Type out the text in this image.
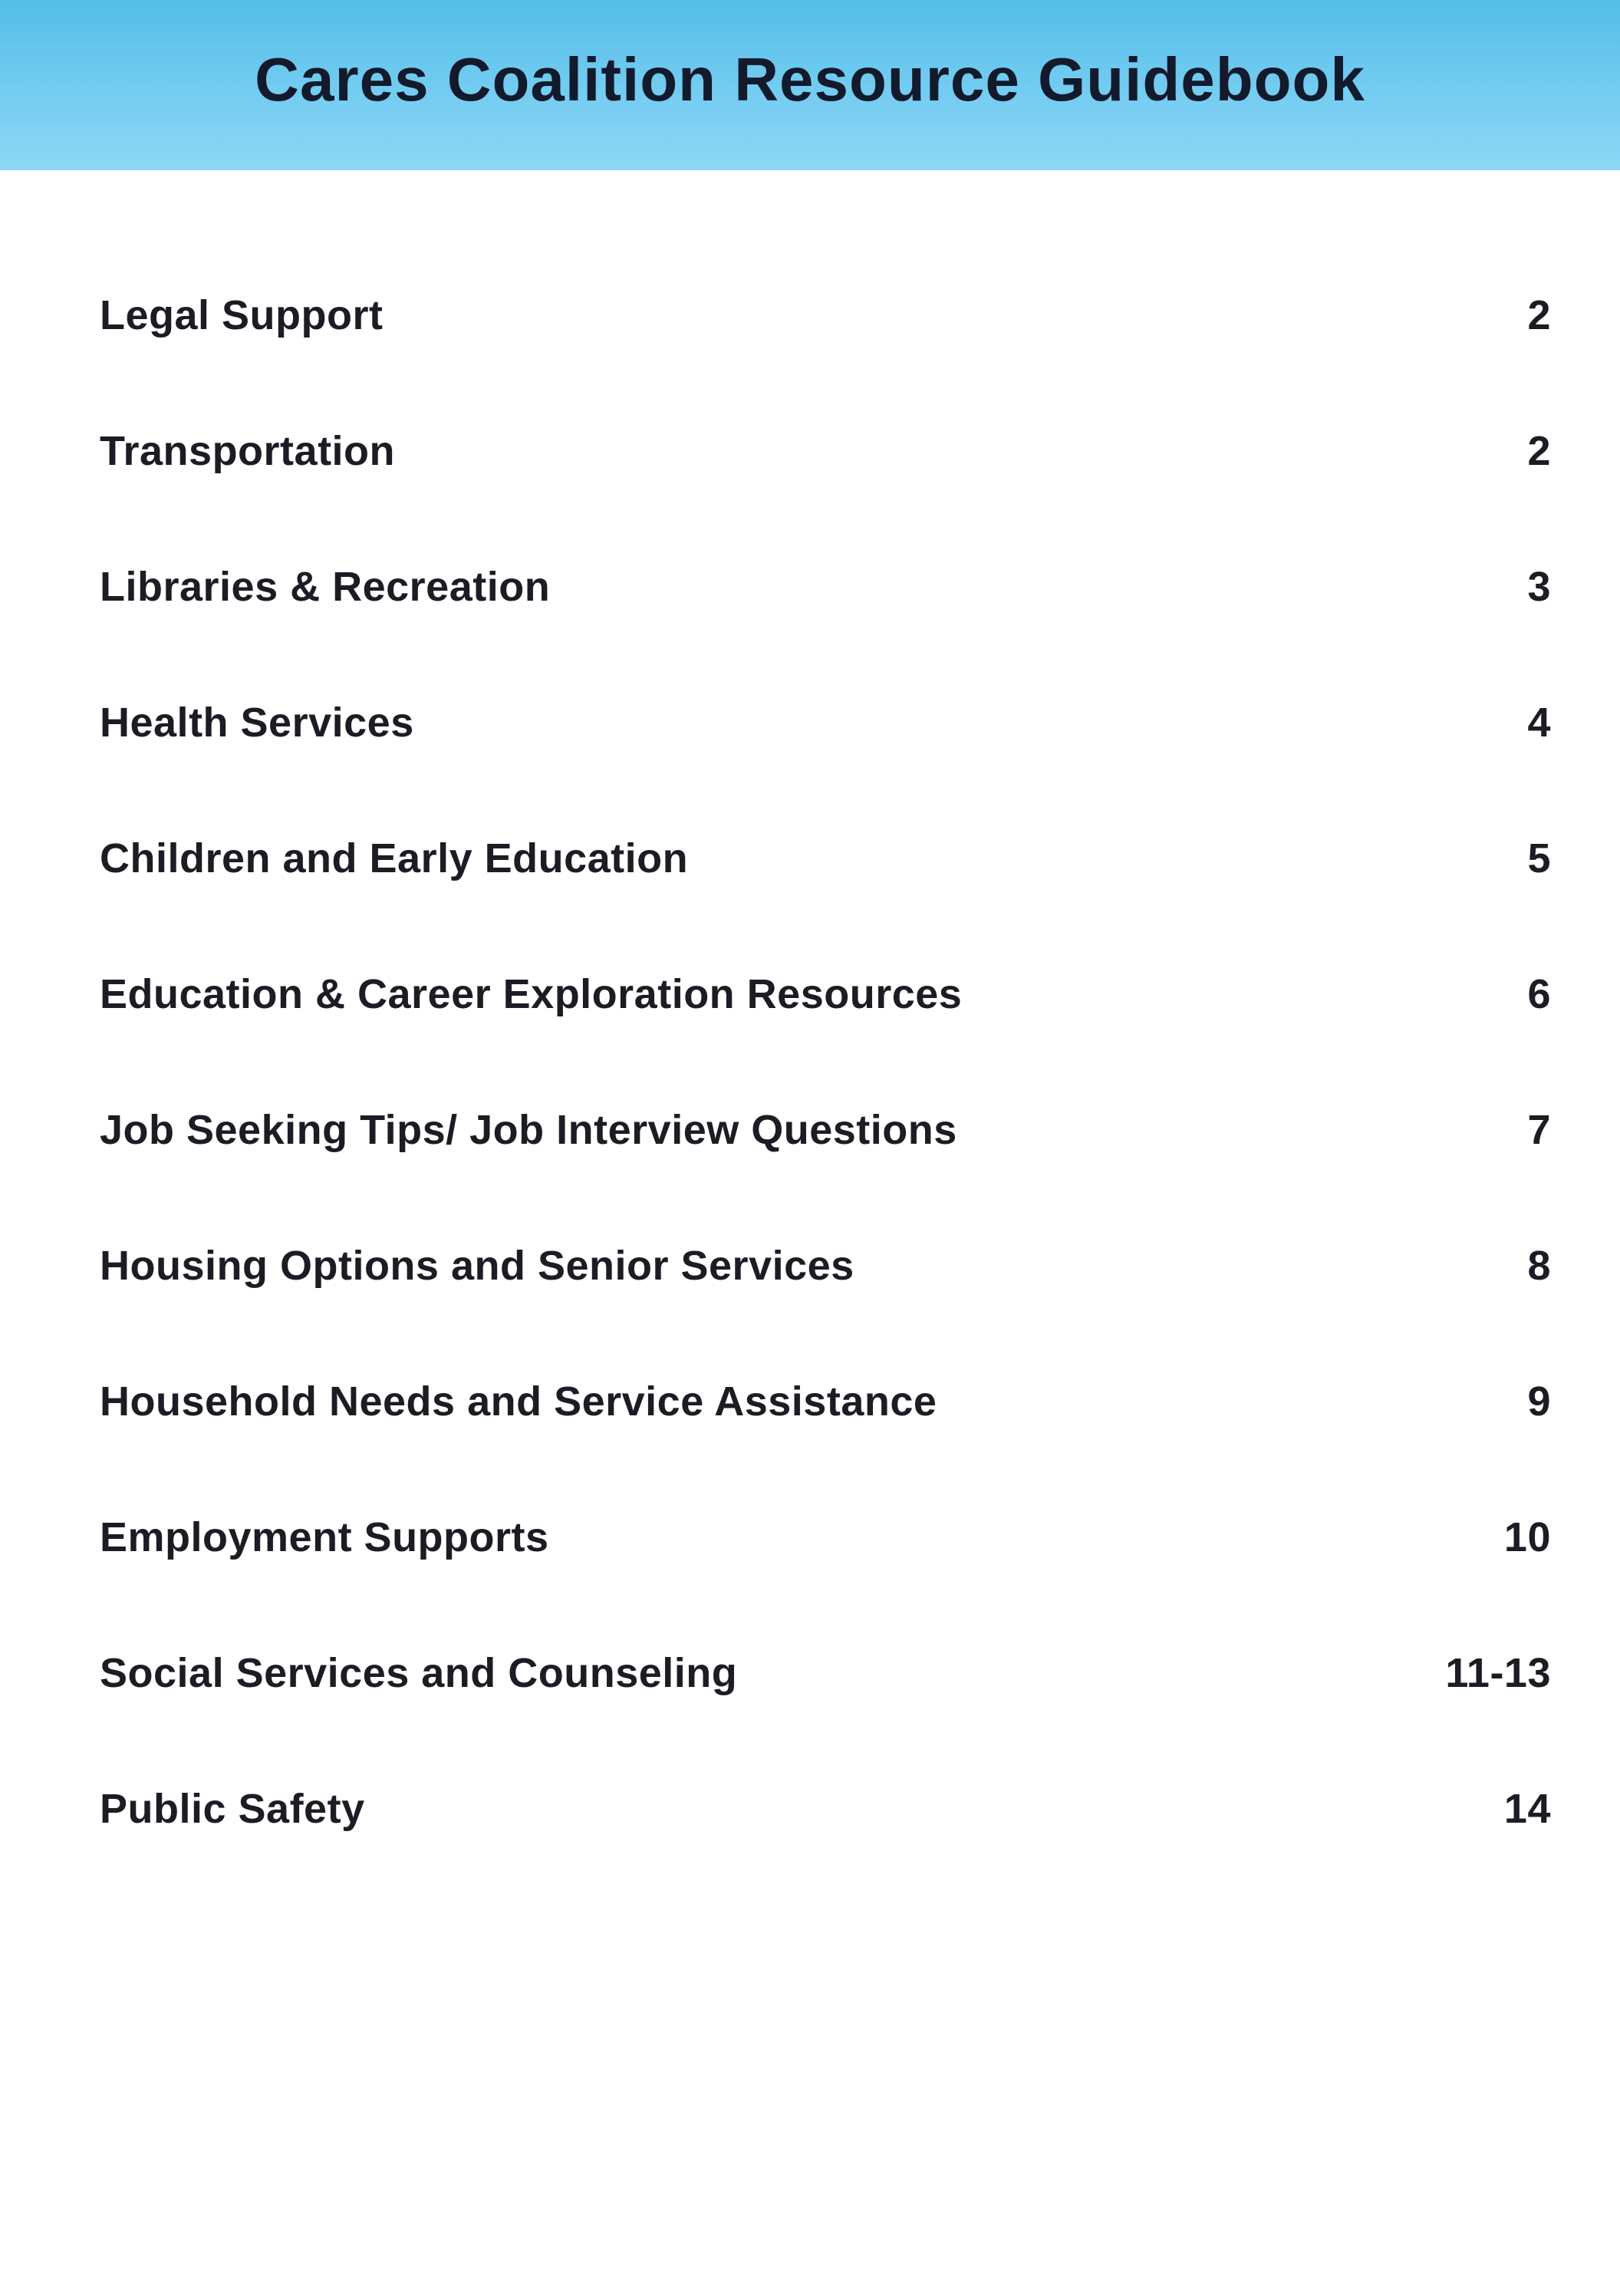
Cares Coalition Resource Guidebook
Legal Support	2
Transportation	2
Libraries & Recreation	3
Health Services	4
Children and Early Education	5
Education & Career Exploration Resources	6
Job Seeking Tips/ Job Interview Questions	7
Housing Options and Senior Services	8
Household Needs and Service Assistance	9
Employment Supports	10
Social Services and Counseling	11-13
Public Safety	14
